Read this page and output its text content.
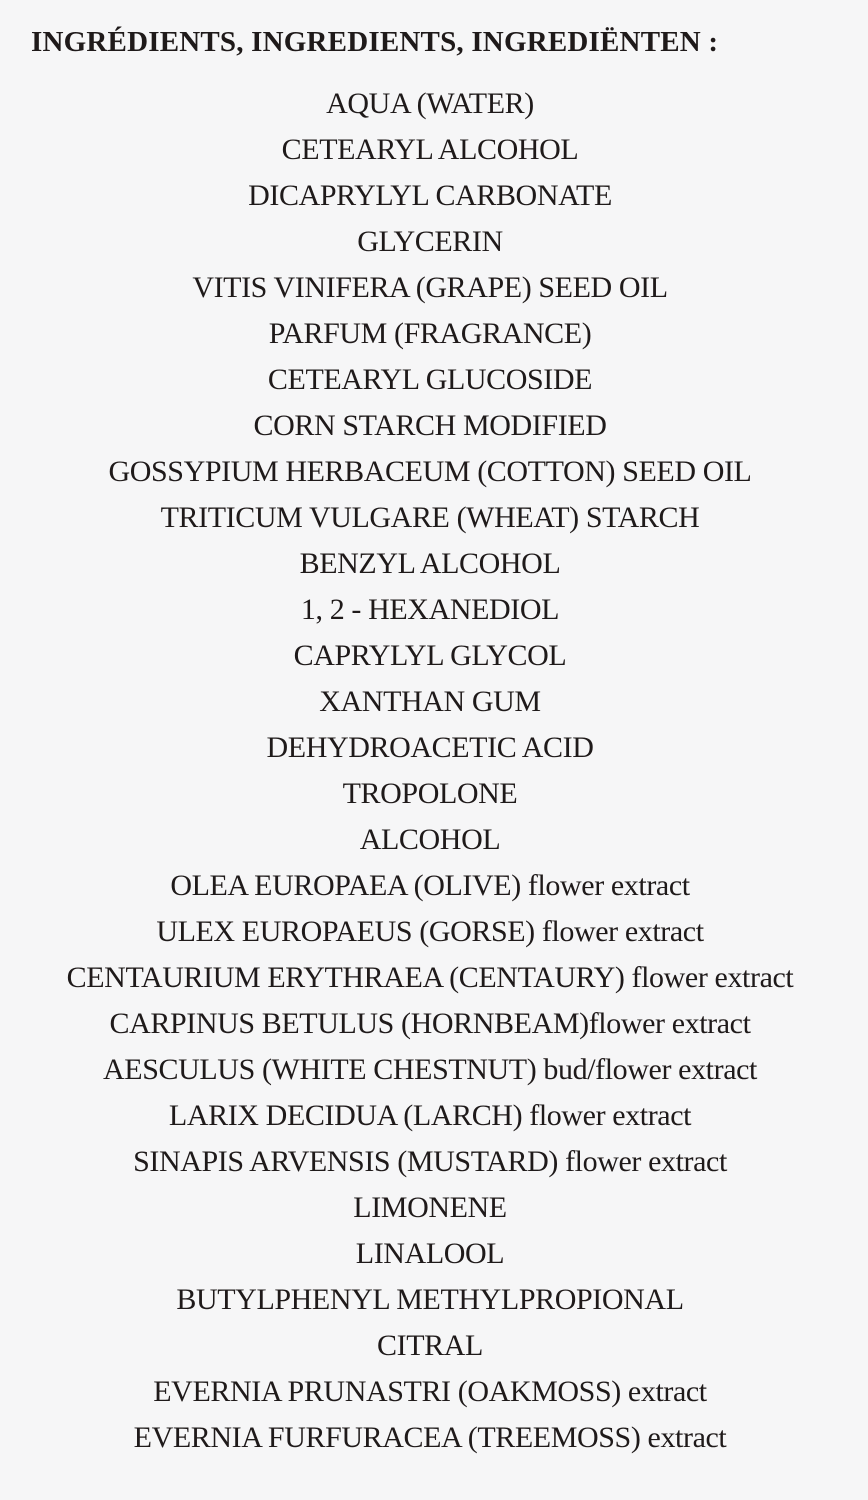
INGRÉDIENTS, INGREDIENTS, INGREDIËNTEN :
AQUA (WATER)
CETEARYL ALCOHOL
DICAPRYLYL CARBONATE
GLYCERIN
VITIS VINIFERA (GRAPE) SEED OIL
PARFUM (FRAGRANCE)
CETEARYL GLUCOSIDE
CORN STARCH MODIFIED
GOSSYPIUM HERBACEUM (COTTON) SEED OIL
TRITICUM VULGARE (WHEAT) STARCH
BENZYL ALCOHOL
1, 2 - HEXANEDIOL
CAPRYLYL GLYCOL
XANTHAN GUM
DEHYDROACETIC ACID
TROPOLONE
ALCOHOL
OLEA EUROPAEA (OLIVE) flower extract
ULEX EUROPAEUS (GORSE) flower extract
CENTAURIUM ERYTHRAEA (CENTAURY) flower extract
CARPINUS BETULUS (HORNBEAM)flower extract
AESCULUS (WHITE CHESTNUT) bud/flower extract
LARIX DECIDUA (LARCH) flower extract
SINAPIS ARVENSIS (MUSTARD) flower extract
LIMONENE
LINALOOL
BUTYLPHENYL METHYLPROPIONAL
CITRAL
EVERNIA PRUNASTRI (OAKMOSS) extract
EVERNIA FURFURACEA (TREEMOSS) extract
